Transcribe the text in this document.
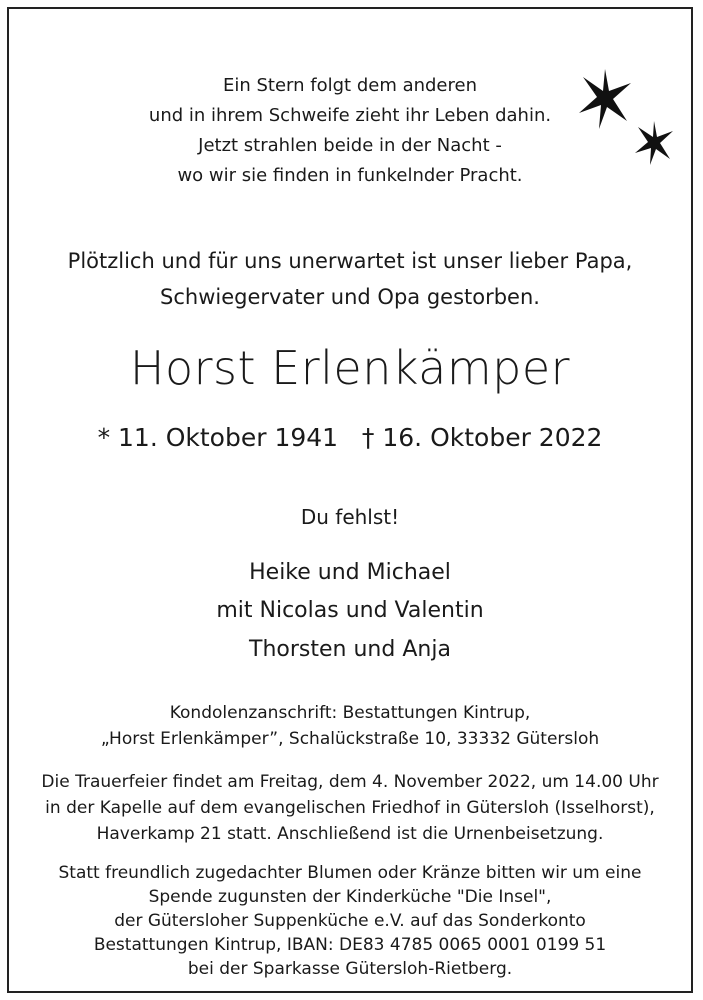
Ein Stern folgt dem anderen
und in ihrem Schweife zieht ihr Leben dahin.
Jetzt strahlen beide in der Nacht -
wo wir sie finden in funkelnder Pracht.
Plötzlich und für uns unerwartet ist unser lieber Papa,
Schwiegervater und Opa gestorben.
Horst Erlenkämper
* 11. Oktober 1941 † 16. Oktober 2022
Du fehlst!
Heike und Michael
mit Nicolas und Valentin
Thorsten und Anja
Kondolenzanschrift: Bestattungen Kintrup,
„Horst Erlenkämper”, Schalückstraße 10, 33332 Gütersloh
Die Trauerfeier findet am Freitag, dem 4. November 2022, um 14.00 Uhr
in der Kapelle auf dem evangelischen Friedhof in Gütersloh (Isselhorst),
Haverkamp 21 statt. Anschließend ist die Urnenbeisetzung.
Statt freundlich zugedachter Blumen oder Kränze bitten wir um eine
Spende zugunsten der Kinderküche "Die Insel",
der Gütersloher Suppenküche e.V. auf das Sonderkonto
Bestattungen Kintrup, IBAN: DE83 4785 0065 0001 0199 51
bei der Sparkasse Gütersloh-Rietberg.
